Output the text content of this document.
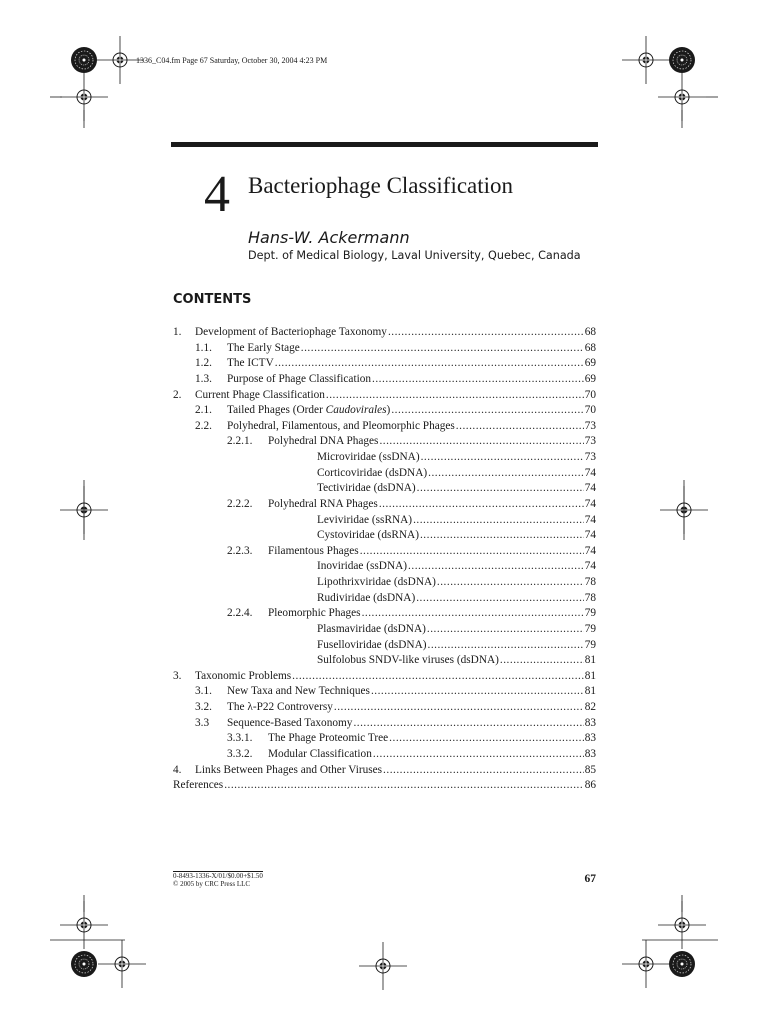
1336_C04.fm Page 67 Saturday, October 30, 2004 4:23 PM
4 Bacteriophage Classification
Hans-W. Ackermann
Dept. of Medical Biology, Laval University, Quebec, Canada
CONTENTS
1.	Development of Bacteriophage Taxonomy .....	68
1.1.	The Early Stage .....	68
1.2.	The ICTV .....	69
1.3.	Purpose of Phage Classification .....	69
2.	Current Phage Classification .....	70
2.1.	Tailed Phages (Order Caudovirales) .....	70
2.2.	Polyhedral, Filamentous, and Pleomorphic Phages .....	73
2.2.1.	Polyhedral DNA Phages .....	73
Microviridae (ssDNA) .....	73
Corticoviridae (dsDNA) .....	74
Tectiviridae (dsDNA) .....	74
2.2.2.	Polyhedral RNA Phages .....	74
Leviviridae (ssRNA) .....	74
Cystoviridae (dsRNA) .....	74
2.2.3.	Filamentous Phages .....	74
Inoviridae (ssDNA) .....	74
Lipothrixviridae (dsDNA) .....	78
Rudiviridae (dsDNA) .....	78
2.2.4.	Pleomorphic Phages .....	79
Plasmaviridae (dsDNA) .....	79
Fuselloviridae (dsDNA) .....	79
Sulfolobus SNDV-like viruses (dsDNA) .....	81
3.	Taxonomic Problems .....	81
3.1.	New Taxa and New Techniques .....	81
3.2.	The λ-P22 Controversy .....	82
3.3	Sequence-Based Taxonomy .....	83
3.3.1.	The Phage Proteomic Tree .....	83
3.3.2.	Modular Classification .....	83
4.	Links Between Phages and Other Viruses .....	85
References .....	86
0-8493-1336-X/01/$0.00+$1.50
© 2005 by CRC Press LLC	67
